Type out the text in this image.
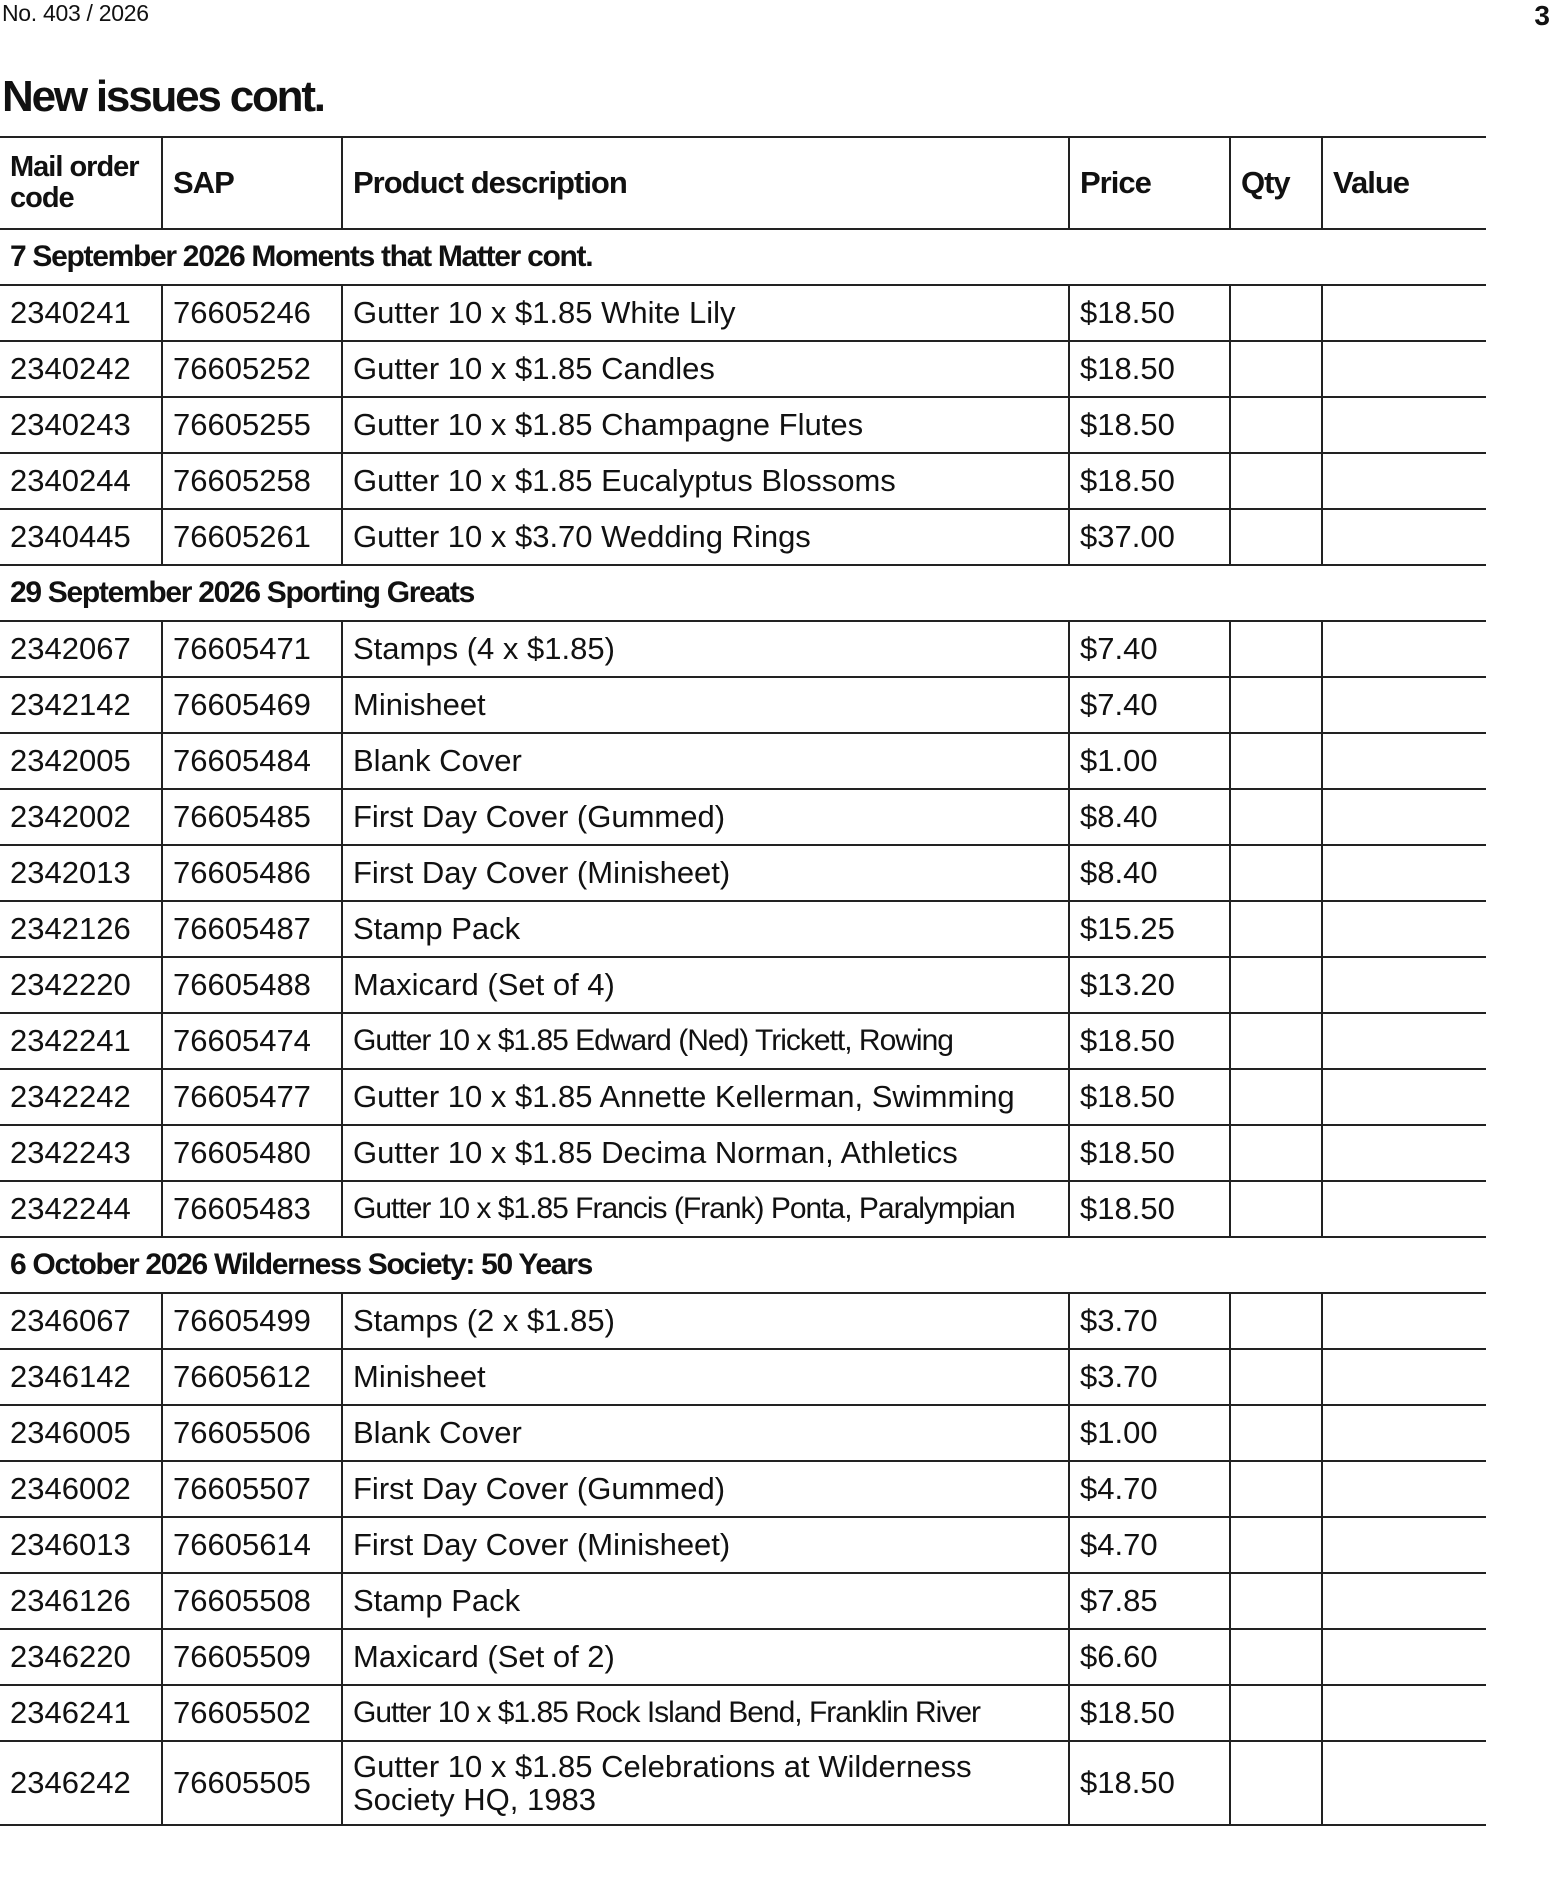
No. 403 / 2026	3
New issues cont.
Mail order code	SAP	Product description	Price	Qty	Value
7 September 2026 Moments that Matter cont.					
2340241	76605246	Gutter 10 x $1.85 White Lily	$18.50		
2340242	76605252	Gutter 10 x $1.85 Candles	$18.50		
2340243	76605255	Gutter 10 x $1.85 Champagne Flutes	$18.50		
2340244	76605258	Gutter 10 x $1.85 Eucalyptus Blossoms	$18.50		
2340445	76605261	Gutter 10 x $3.70 Wedding Rings	$37.00		
29 September 2026 Sporting Greats					
2342067	76605471	Stamps (4 x $1.85)	$7.40		
2342142	76605469	Minisheet	$7.40		
2342005	76605484	Blank Cover	$1.00		
2342002	76605485	First Day Cover (Gummed)	$8.40		
2342013	76605486	First Day Cover (Minisheet)	$8.40		
2342126	76605487	Stamp Pack	$15.25		
2342220	76605488	Maxicard (Set of 4)	$13.20		
2342241	76605474	Gutter 10 x $1.85 Edward (Ned) Trickett, Rowing	$18.50		
2342242	76605477	Gutter 10 x $1.85 Annette Kellerman, Swimming	$18.50		
2342243	76605480	Gutter 10 x $1.85 Decima Norman, Athletics	$18.50		
2342244	76605483	Gutter 10 x $1.85 Francis (Frank) Ponta, Paralympian	$18.50		
6 October 2026 Wilderness Society: 50 Years					
2346067	76605499	Stamps (2 x $1.85)	$3.70		
2346142	76605612	Minisheet	$3.70		
2346005	76605506	Blank Cover	$1.00		
2346002	76605507	First Day Cover (Gummed)	$4.70		
2346013	76605614	First Day Cover (Minisheet)	$4.70		
2346126	76605508	Stamp Pack	$7.85		
2346220	76605509	Maxicard (Set of 2)	$6.60		
2346241	76605502	Gutter 10 x $1.85 Rock Island Bend, Franklin River	$18.50		
2346242	76605505	Gutter 10 x $1.85 Celebrations at Wilderness Society HQ, 1983	$18.50		
